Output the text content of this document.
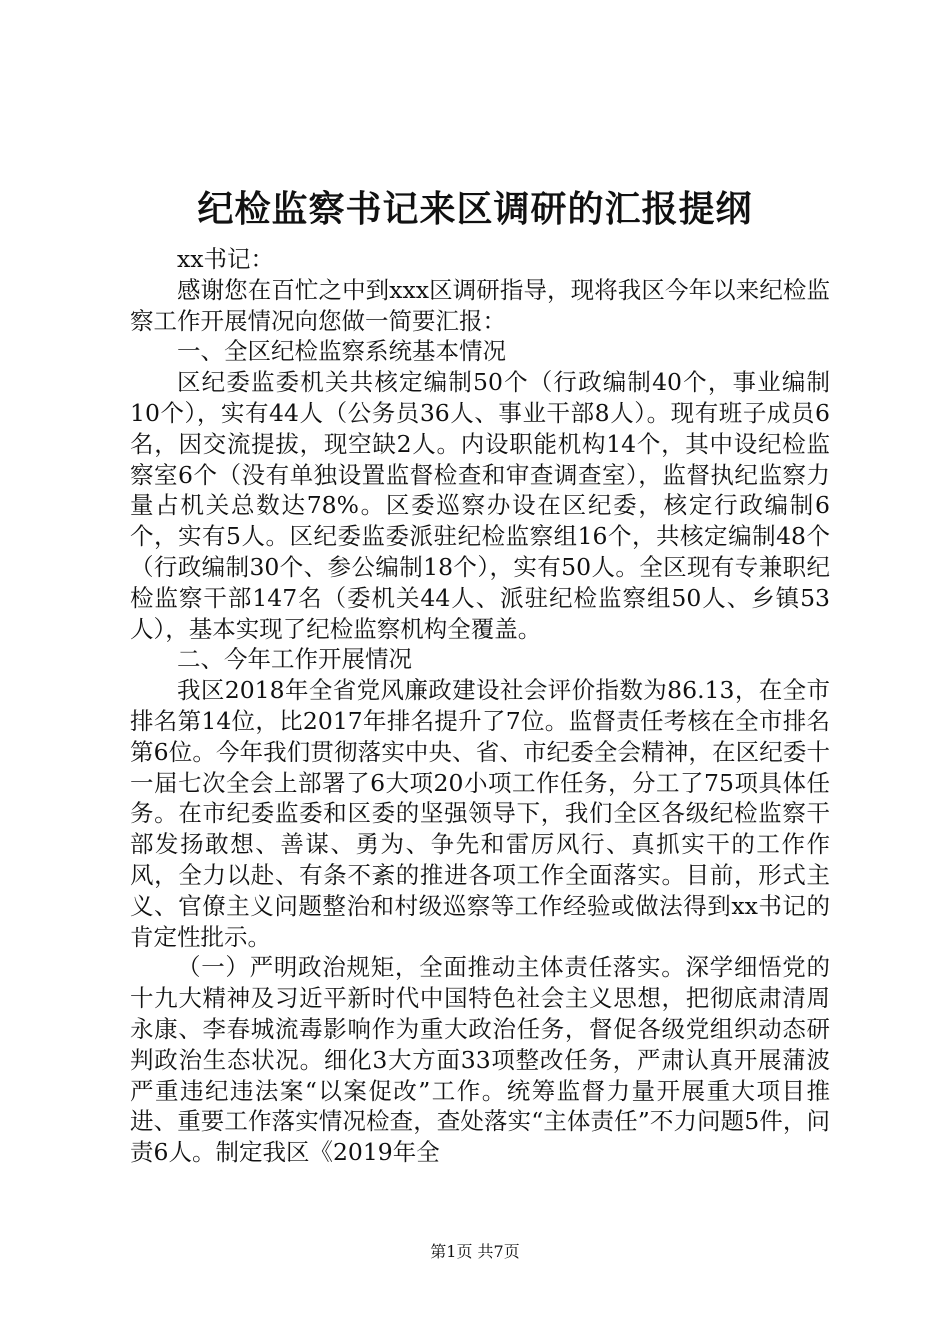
纪检监察书记来区调研的汇报提纲

xx书记：

感谢您在百忙之中到xxx区调研指导，现将我区今年以来纪检监察工作开展情况向您做一简要汇报：

一、全区纪检监察系统基本情况

区纪委监委机关共核定编制50个（行政编制40个，事业编制10个），实有44人（公务员36人、事业干部8人）。现有班子成员6名，因交流提拔，现空缺2人。内设职能机构14个，其中设纪检监察室6个（没有单独设置监督检查和审查调查室），监督执纪监察力量占机关总数达78%。区委巡察办设在区纪委，核定行政编制6个，实有5人。区纪委监委派驻纪检监察组16个，共核定编制48个（行政编制30个、参公编制18个），实有50人。全区现有专兼职纪检监察干部147名（委机关44人、派驻纪检监察组50人、乡镇53人），基本实现了纪检监察机构全覆盖。

二、今年工作开展情况

我区2018年全省党风廉政建设社会评价指数为86.13，在全市排名第14位，比2017年排名提升了7位。监督责任考核在全市排名第6位。今年我们贯彻落实中央、省、市纪委全会精神，在区纪委十一届七次全会上部署了6大项20小项工作任务，分工了75项具体任务。在市纪委监委和区委的坚强领导下，我们全区各级纪检监察干部发扬敢想、善谋、勇为、争先和雷厉风行、真抓实干的工作作风，全力以赴、有条不紊的推进各项工作全面落实。目前，形式主义、官僚主义问题整治和村级巡察等工作经验或做法得到xx书记的肯定性批示。

（一）严明政治规矩，全面推动主体责任落实。深学细悟党的十九大精神及习近平新时代中国特色社会主义思想，把彻底肃清周永康、李春城流毒影响作为重大政治任务，督促各级党组织动态研判政治生态状况。细化3大方面33项整改任务，严肃认真开展蒲波严重违纪违法案“以案促改”工作。统筹监督力量开展重大项目推进、重要工作落实情况检查，查处落实“主体责任”不力问题5件，问责6人。制定我区《2019年全

第1页 共7页
